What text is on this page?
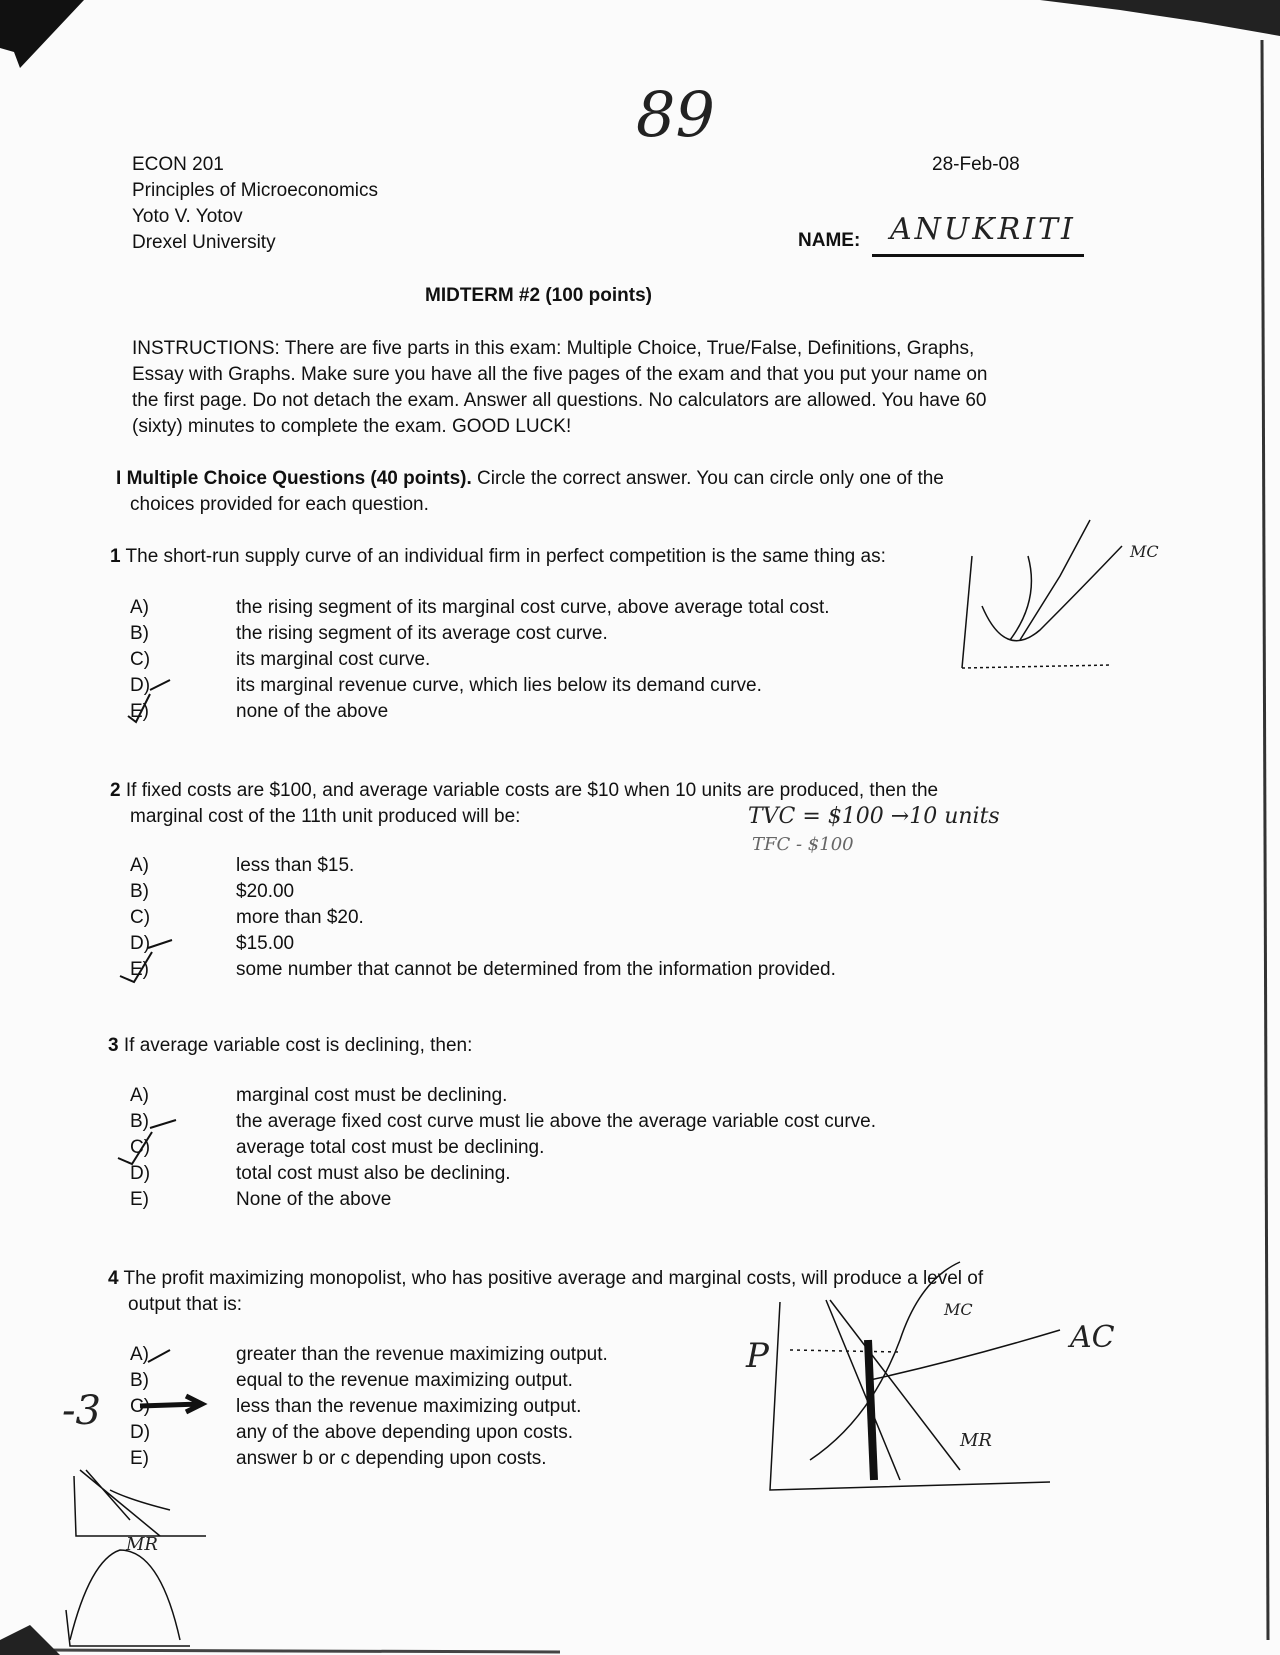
89
ECON 201
Principles of Microeconomics
Yoto V. Yotov
Drexel University
28-Feb-08
NAME: ANUKRITI
MIDTERM #2 (100 points)
INSTRUCTIONS: There are five parts in this exam: Multiple Choice, True/False, Definitions, Graphs,
Essay with Graphs. Make sure you have all the five pages of the exam and that you put your name on
the first page. Do not detach the exam. Answer all questions. No calculators are allowed. You have 60
(sixty) minutes to complete the exam. GOOD LUCK!
I Multiple Choice Questions (40 points). Circle the correct answer. You can circle only one of the
choices provided for each question.
1 The short-run supply curve of an individual firm in perfect competition is the same thing as:
A)	the rising segment of its marginal cost curve, above average total cost.
B)	the rising segment of its average cost curve.
C)	its marginal cost curve.
D)	its marginal revenue curve, which lies below its demand curve.
E)	none of the above
2 If fixed costs are $100, and average variable costs are $10 when 10 units are produced, then the
marginal cost of the 11th unit produced will be:
A)	less than $15.
B)	$20.00
C)	more than $20.
D)	$15.00
E)	some number that cannot be determined from the information provided.
3 If average variable cost is declining, then:
A)	marginal cost must be declining.
B)	the average fixed cost curve must lie above the average variable cost curve.
C)	average total cost must be declining.
D)	total cost must also be declining.
E)	None of the above
4 The profit maximizing monopolist, who has positive average and marginal costs, will produce a level of
output that is:
A)	greater than the revenue maximizing output.
B)	equal to the revenue maximizing output.
C)	less than the revenue maximizing output.
D)	any of the above depending upon costs.
E)	answer b or c depending upon costs.
TVC = $100 →10 units
TFC - $100
-3
MC
P
MC
AC
MR
MR
